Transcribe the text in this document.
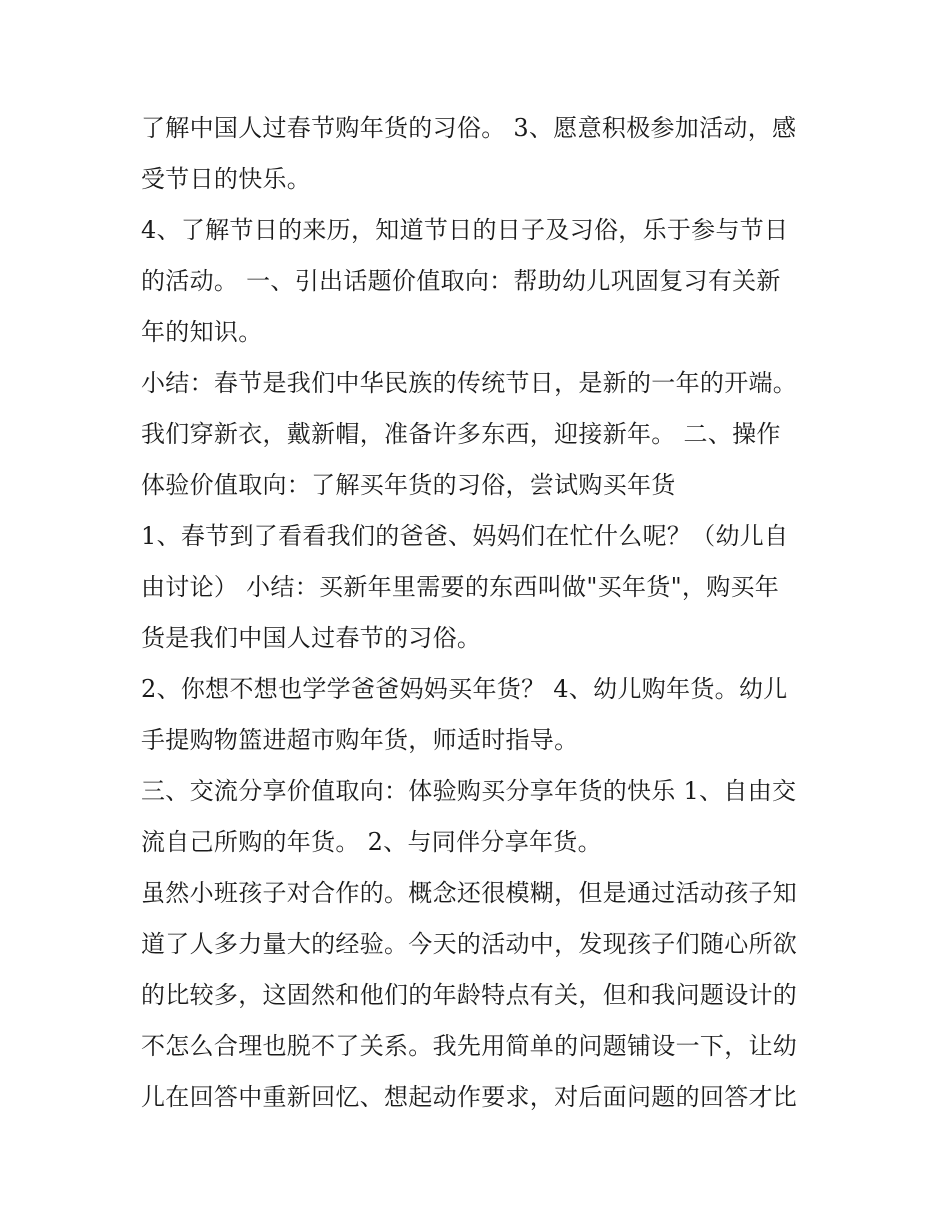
了解中国人过春节购年货的习俗。 3、愿意积极参加活动，感
受节日的快乐。

4、了解节日的来历，知道节日的日子及习俗，乐于参与节日
的活动。 一、引出话题价值取向：帮助幼儿巩固复习有关新
年的知识。

小结：春节是我们中华民族的传统节日，是新的一年的开端。
我们穿新衣，戴新帽，准备许多东西，迎接新年。 二、操作
体验价值取向：了解买年货的习俗，尝试购买年货

1、春节到了看看我们的爸爸、妈妈们在忙什么呢？（幼儿自
由讨论） 小结：买新年里需要的东西叫做"买年货"，购买年
货是我们中国人过春节的习俗。

2、你想不想也学学爸爸妈妈买年货？ 4、幼儿购年货。幼儿
手提购物篮进超市购年货，师适时指导。

三、交流分享价值取向：体验购买分享年货的快乐 1、自由交
流自己所购的年货。 2、与同伴分享年货。

虽然小班孩子对合作的。概念还很模糊，但是通过活动孩子知
道了人多力量大的经验。今天的活动中，发现孩子们随心所欲
的比较多，这固然和他们的年龄特点有关，但和我问题设计的
不怎么合理也脱不了关系。我先用简单的问题铺设一下，让幼
儿在回答中重新回忆、想起动作要求，对后面问题的回答才比
